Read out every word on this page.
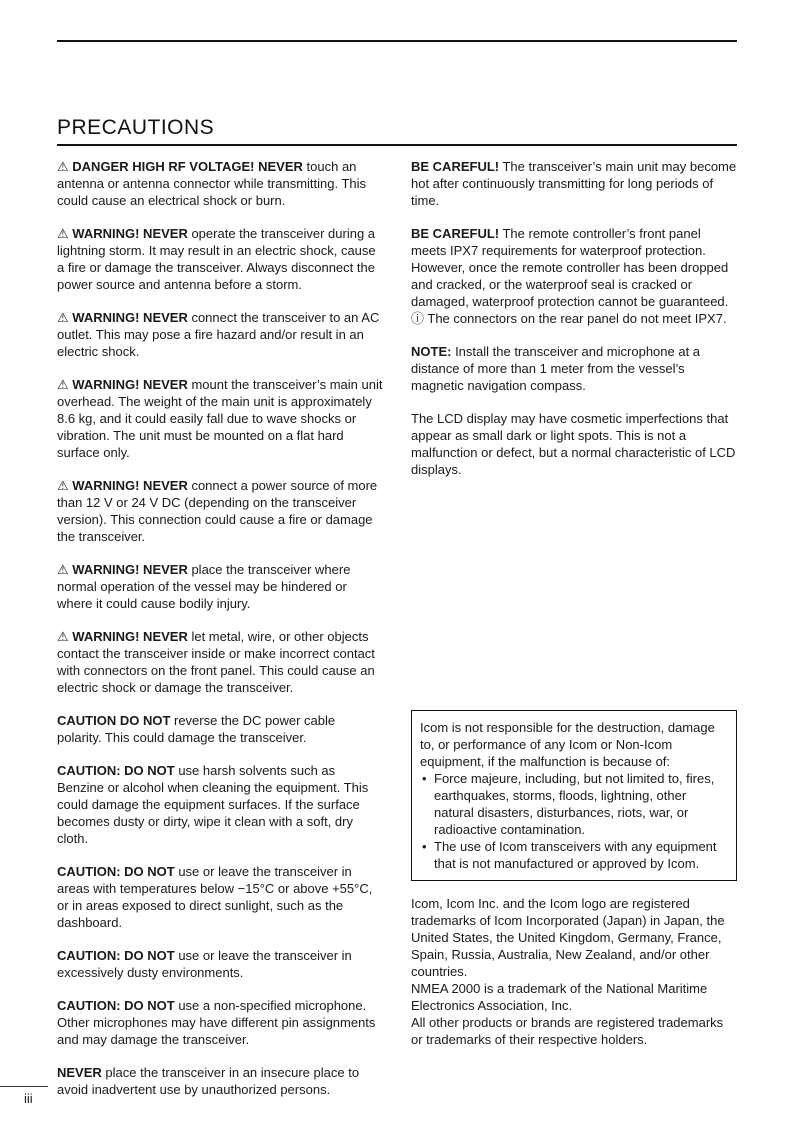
PRECAUTIONS

⚠ DANGER HIGH RF VOLTAGE! NEVER touch an antenna or antenna connector while transmitting. This could cause an electrical shock or burn.

⚠ WARNING! NEVER operate the transceiver during a lightning storm. It may result in an electric shock, cause a fire or damage the transceiver. Always disconnect the power source and antenna before a storm.

⚠ WARNING! NEVER connect the transceiver to an AC outlet. This may pose a fire hazard and/or result in an electric shock.

⚠ WARNING! NEVER mount the transceiver’s main unit overhead. The weight of the main unit is approximately 8.6 kg, and it could easily fall due to wave shocks or vibration. The unit must be mounted on a flat hard surface only.

⚠ WARNING! NEVER connect a power source of more than 12 V or 24 V DC (depending on the transceiver version). This connection could cause a fire or damage the transceiver.

⚠ WARNING! NEVER place the transceiver where normal operation of the vessel may be hindered or where it could cause bodily injury.

⚠ WARNING! NEVER let metal, wire, or other objects contact the transceiver inside or make incorrect contact with connectors on the front panel. This could cause an electric shock or damage the transceiver.

CAUTION DO NOT reverse the DC power cable polarity. This could damage the transceiver.

CAUTION: DO NOT use harsh solvents such as Benzine or alcohol when cleaning the equipment. This could damage the equipment surfaces. If the surface becomes dusty or dirty, wipe it clean with a soft, dry cloth.

CAUTION: DO NOT use or leave the transceiver in areas with temperatures below −15°C or above +55°C, or in areas exposed to direct sunlight, such as the dashboard.

CAUTION: DO NOT use or leave the transceiver in excessively dusty environments.

CAUTION: DO NOT use a non-specified microphone. Other microphones may have different pin assignments and may damage the transceiver.

NEVER place the transceiver in an insecure place to avoid inadvertent use by unauthorized persons.

BE CAREFUL! The transceiver’s main unit may become hot after continuously transmitting for long periods of time.

BE CAREFUL! The remote controller’s front panel meets IPX7 requirements for waterproof protection. However, once the remote controller has been dropped and cracked, or the waterproof seal is cracked or damaged, waterproof protection cannot be guaranteed.
ⓘ The connectors on the rear panel do not meet IPX7.

NOTE: Install the transceiver and microphone at a distance of more than 1 meter from the vessel’s magnetic navigation compass.

The LCD display may have cosmetic imperfections that appear as small dark or light spots. This is not a malfunction or defect, but a normal characteristic of LCD displays.

Icom is not responsible for the destruction, damage to, or performance of any Icom or Non-Icom equipment, if the malfunction is because of:
• Force majeure, including, but not limited to, fires, earthquakes, storms, floods, lightning, other natural disasters, disturbances, riots, war, or radioactive contamination.
• The use of Icom transceivers with any equipment that is not manufactured or approved by Icom.
Icom, Icom Inc. and the Icom logo are registered trademarks of Icom Incorporated (Japan) in Japan, the United States, the United Kingdom, Germany, France, Spain, Russia, Australia, New Zealand, and/or other countries.
NMEA 2000 is a trademark of the National Maritime Electronics Association, Inc.
All other products or brands are registered trademarks or trademarks of their respective holders.
iii
